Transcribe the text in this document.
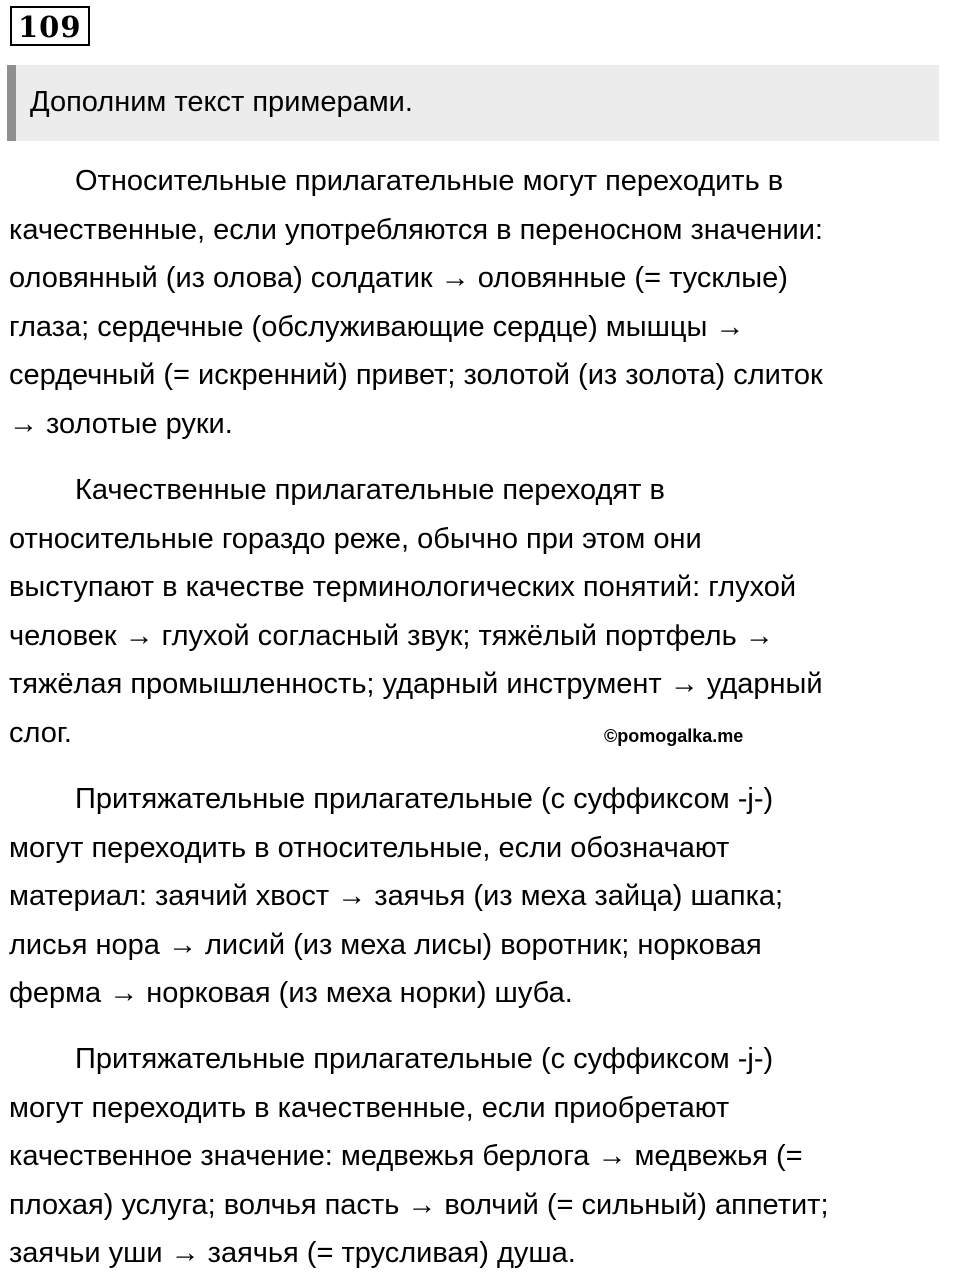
109
Дополним текст примерами.
Относительные прилагательные могут переходить в
качественные, если употребляются в переносном значении:
оловянный (из олова) солдатик → оловянные (= тусклые)
глаза; сердечные (обслуживающие сердце) мышцы →
сердечный (= искренний) привет; золотой (из золота) слиток
→ золотые руки.
Качественные прилагательные переходят в
относительные гораздо реже, обычно при этом они
выступают в качестве терминологических понятий: глухой
человек → глухой согласный звук; тяжёлый портфель →
тяжёлая промышленность; ударный инструмент → ударный
слог.	©pomogalka.me
Притяжательные прилагательные (с суффиксом -j-)
могут переходить в относительные, если обозначают
материал: заячий хвост → заячья (из меха зайца) шапка;
лисья нора → лисий (из меха лисы) воротник; норковая
ферма → норковая (из меха норки) шуба.
Притяжательные прилагательные (с суффиксом -j-)
могут переходить в качественные, если приобретают
качественное значение: медвежья берлога → медвежья (=
плохая) услуга; волчья пасть → волчий (= сильный) аппетит;
заячьи уши → заячья (= трусливая) душа.
